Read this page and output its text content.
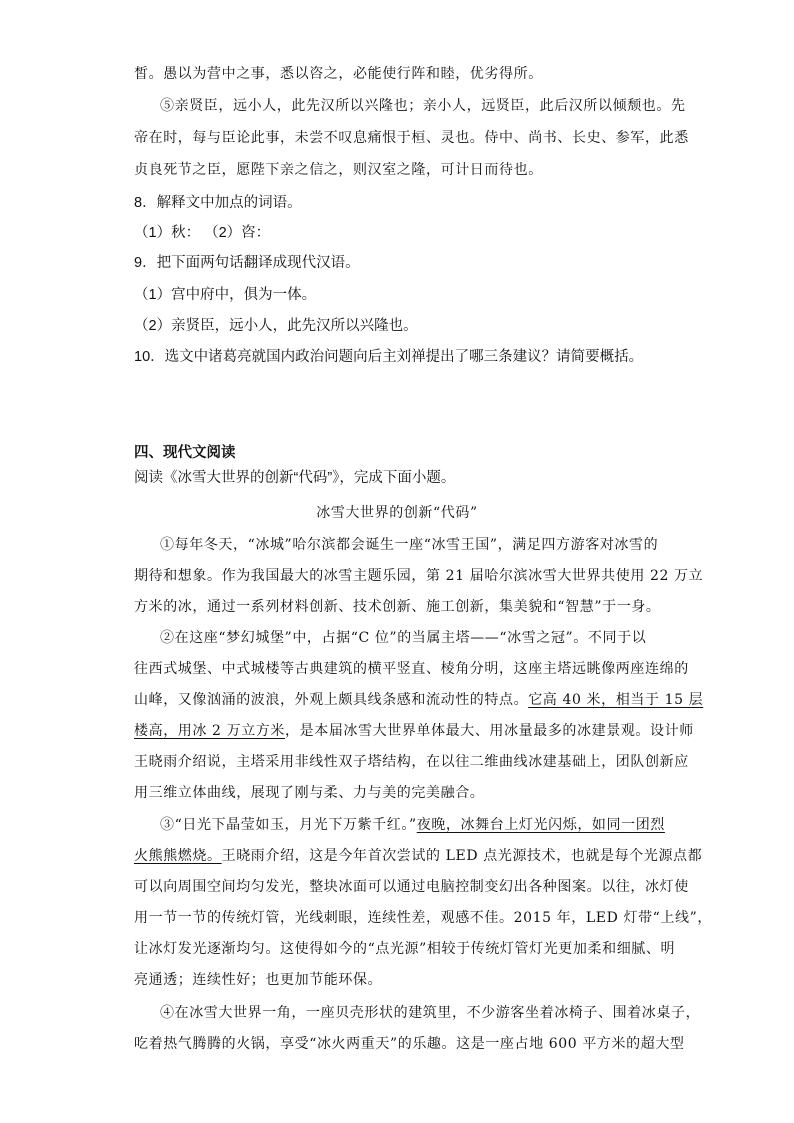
皙。愚以为营中之事，悉以咨之，必能使行阵和睦，优劣得所。
⑤亲贤臣，远小人，此先汉所以兴隆也；亲小人，远贤臣，此后汉所以倾颓也。先
帝在时，每与臣论此事，未尝不叹息痛恨于桓、灵也。侍中、尚书、长史、参军，此悉
贞良死节之臣，愿陛下亲之信之，则汉室之隆，可计日而待也。
8．解释文中加点的词语。
（1）秋： （2）咨：
9．把下面两句话翻译成现代汉语。
（1）宫中府中，俱为一体。
（2）亲贤臣，远小人，此先汉所以兴隆也。
10．选文中诸葛亮就国内政治问题向后主刘禅提出了哪三条建议？请简要概括。
四、现代文阅读
阅读《冰雪大世界的创新“代码”》，完成下面小题。
冰雪大世界的创新“代码”
①每年冬天，“冰城”哈尔滨都会诞生一座“冰雪王国”，满足四方游客对冰雪的
期待和想象。作为我国最大的冰雪主题乐园，第 21 届哈尔滨冰雪大世界共使用 22 万立
方米的冰，通过一系列材料创新、技术创新、施工创新，集美貌和“智慧”于一身。
②在这座“梦幻城堡”中，占据“C 位”的当属主塔——“冰雪之冠”。不同于以
往西式城堡、中式城楼等古典建筑的横平竖直、棱角分明，这座主塔远眺像两座连绵的
山峰，又像汹涌的波浪，外观上颇具线条感和流动性的特点。它高 40 米，相当于 15 层
楼高，用冰 2 万立方米，是本届冰雪大世界单体最大、用冰量最多的冰建景观。设计师
王晓雨介绍说，主塔采用非线性双子塔结构，在以往二维曲线冰建基础上，团队创新应
用三维立体曲线，展现了刚与柔、力与美的完美融合。
③“日光下晶莹如玉，月光下万紫千红。”夜晚，冰舞台上灯光闪烁，如同一团烈
火熊熊燃烧。王晓雨介绍，这是今年首次尝试的 LED 点光源技术，也就是每个光源点都
可以向周围空间均匀发光，整块冰面可以通过电脑控制变幻出各种图案。以往，冰灯使
用一节一节的传统灯管，光线刺眼，连续性差，观感不佳。2015 年，LED 灯带“上线”，
让冰灯发光逐渐均匀。这使得如今的“点光源”相较于传统灯管灯光更加柔和细腻、明
亮通透；连续性好；也更加节能环保。
④在冰雪大世界一角，一座贝壳形状的建筑里，不少游客坐着冰椅子、围着冰桌子，
吃着热气腾腾的火锅，享受“冰火两重天”的乐趣。这是一座占地 600 平方米的超大型
